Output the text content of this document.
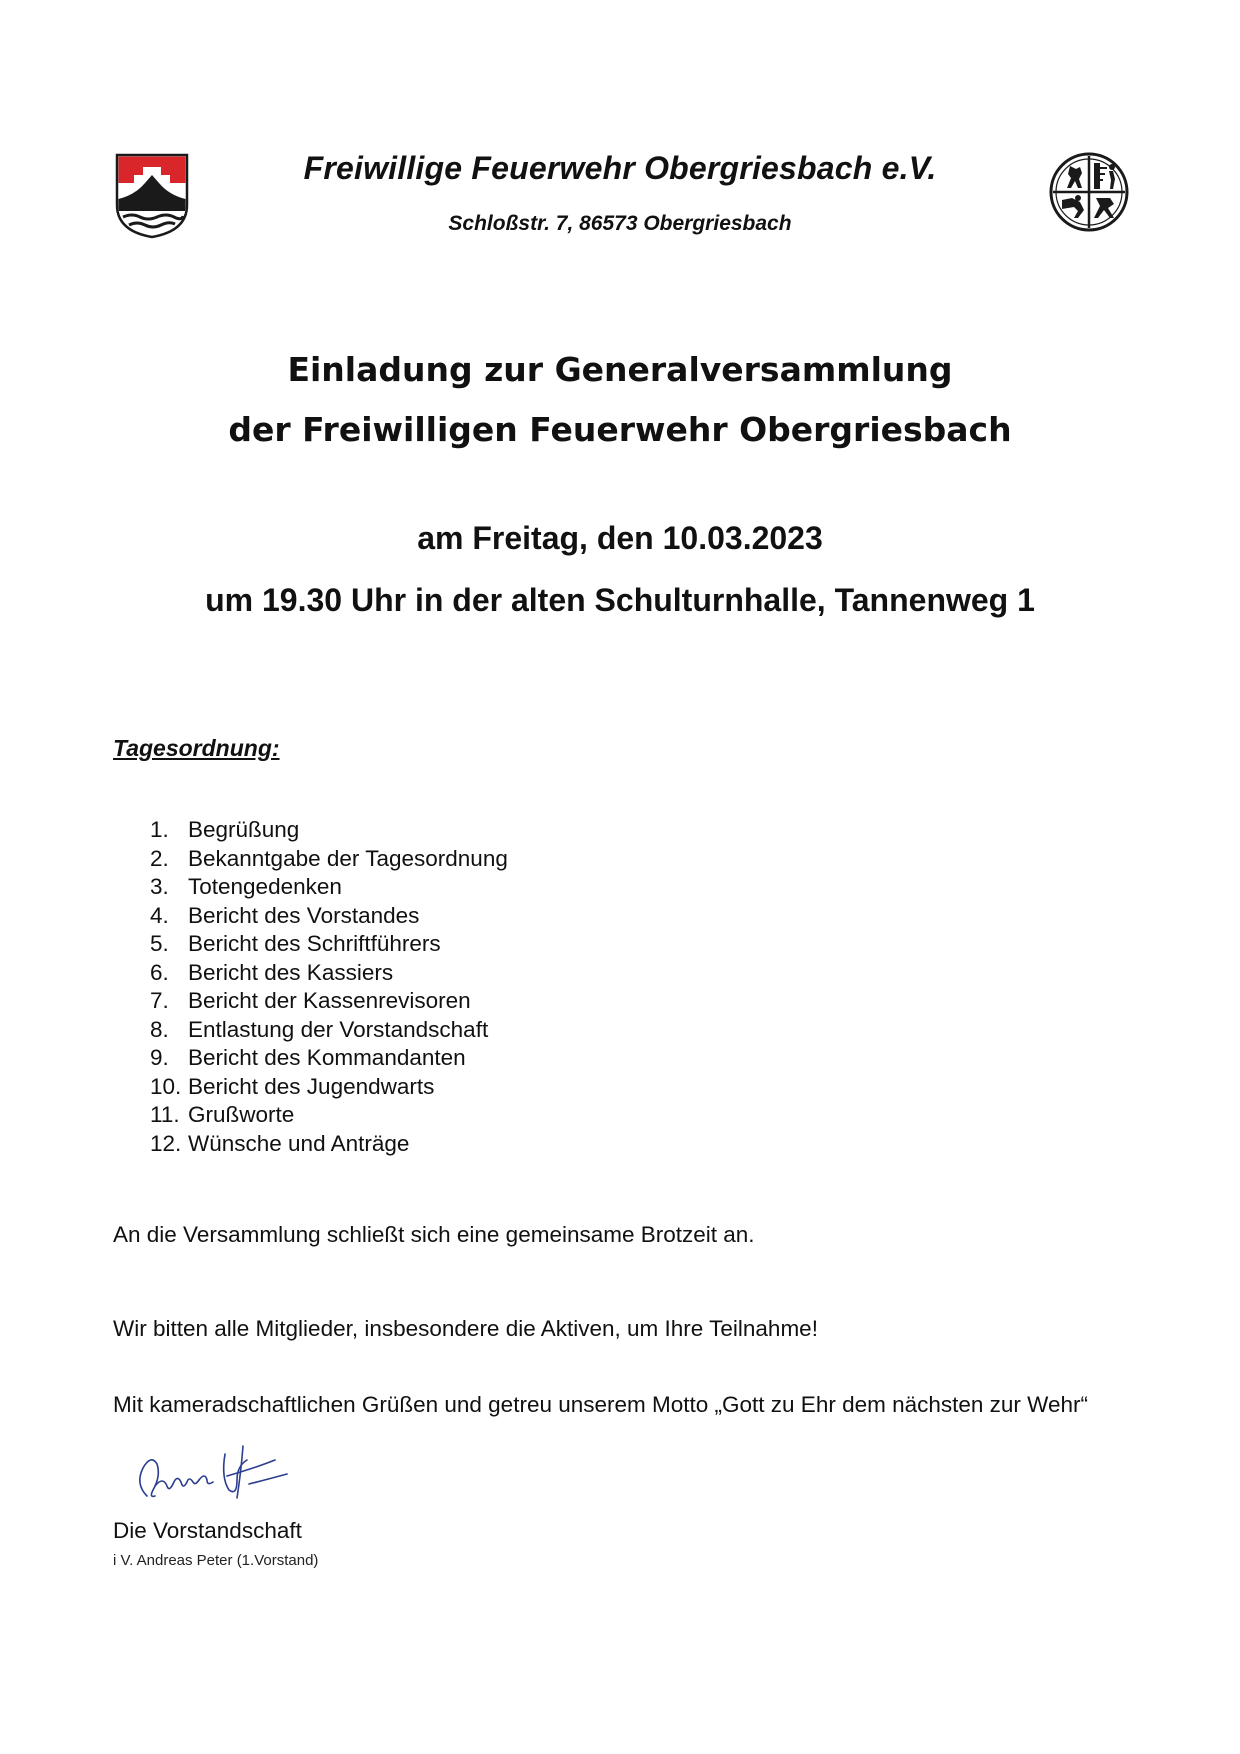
Freiwillige Feuerwehr Obergriesbach e.V.
Schloßstr. 7, 86573 Obergriesbach
Einladung zur Generalversammlung
der Freiwilligen Feuerwehr Obergriesbach
am Freitag, den 10.03.2023
um 19.30 Uhr in der alten Schulturnhalle, Tannenweg 1
Tagesordnung:
1. Begrüßung
2. Bekanntgabe der Tagesordnung
3. Totengedenken
4. Bericht des Vorstandes
5. Bericht des Schriftführers
6. Bericht des Kassiers
7. Bericht der Kassenrevisoren
8. Entlastung der Vorstandschaft
9. Bericht des Kommandanten
10. Bericht des Jugendwarts
11. Grußworte
12. Wünsche und Anträge
An die Versammlung schließt sich eine gemeinsame Brotzeit an.
Wir bitten alle Mitglieder, insbesondere die Aktiven, um Ihre Teilnahme!
Mit kameradschaftlichen Grüßen und getreu unserem Motto „Gott zu Ehr dem nächsten zur Wehr“
Die Vorstandschaft
i V. Andreas Peter (1.Vorstand)
